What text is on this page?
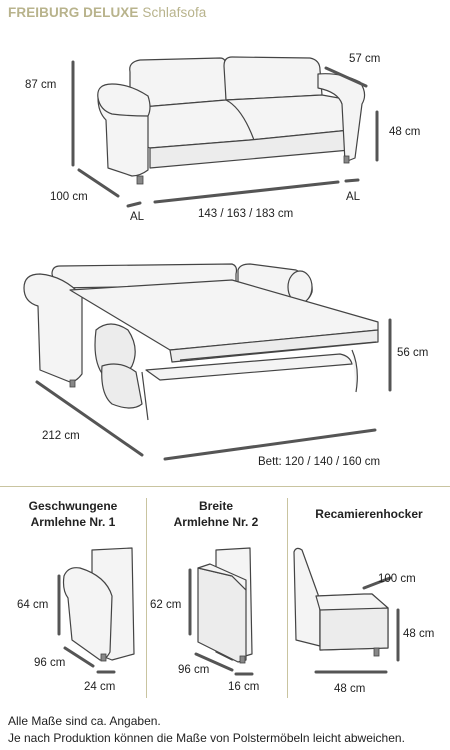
FREIBURG DELUXE Schlafsofa
87 cm
57 cm
48 cm
100 cm
AL
AL
143 / 163 / 183 cm
56 cm
212 cm
Bett: 120 / 140 / 160 cm
64 cm
96 cm
24 cm
62 cm
96 cm
16 cm
100 cm
48 cm
48 cm
Geschwungene
Armlehne Nr. 1
Breite
Armlehne Nr. 2
Recamierenhocker
Alle Maße sind ca. Angaben.
Je nach Produktion können die Maße von Polstermöbeln leicht abweichen.
